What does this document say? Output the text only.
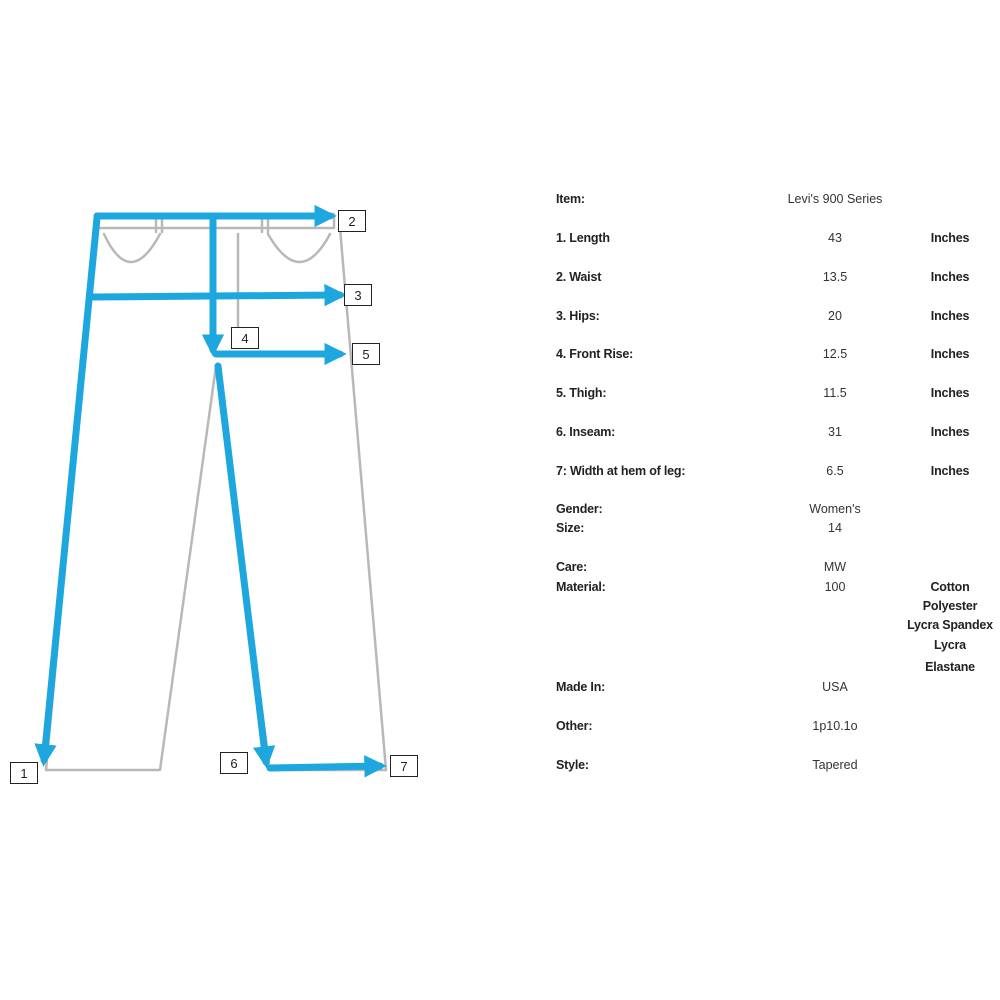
1
2
3
4
5
6	7
Item:	Levi's 900 Series
1. Length	43	Inches
2. Waist	13.5	Inches
3. Hips:	20	Inches
4. Front Rise:	12.5	Inches
5. Thigh:	11.5	Inches
6. Inseam:	31	Inches
7: Width at hem of leg:	6.5	Inches
Gender:	Women's
Size:	14
Care:	MW
Material:	100	Cotton
Polyester
Lycra Spandex
Lycra
Elastane
Made In:	USA
Other:	1p10.1o
Style:	Tapered
